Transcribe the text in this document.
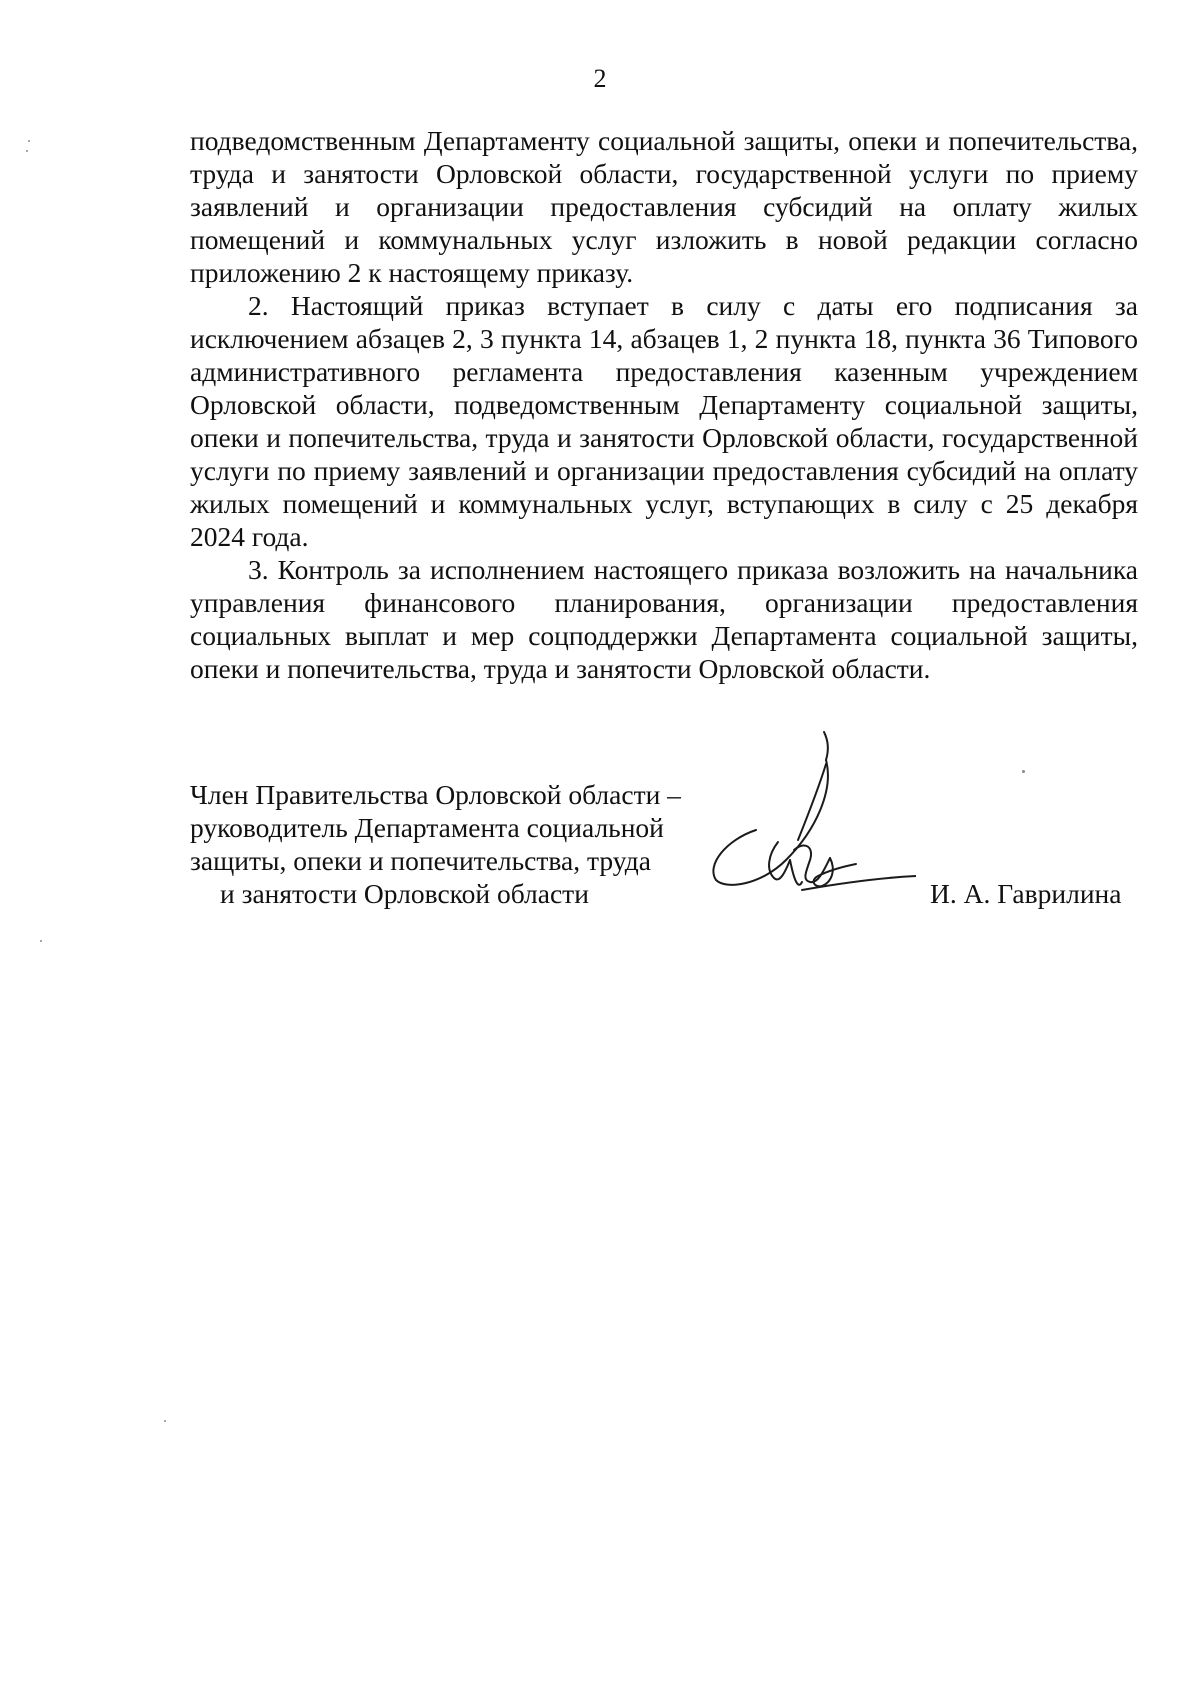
2

подведомственным Департаменту социальной защиты, опеки и попечительства, труда и занятости Орловской области, государственной услуги по приему заявлений и организации предоставления субсидий на оплату жилых помещений и коммунальных услуг изложить в новой редакции согласно приложению 2 к настоящему приказу.

2. Настоящий приказ вступает в силу с даты его подписания за исключением абзацев 2, 3 пункта 14, абзацев 1, 2 пункта 18, пункта 36 Типового административного регламента предоставления казенным учреждением Орловской области, подведомственным Департаменту социальной защиты, опеки и попечительства, труда и занятости Орловской области, государственной услуги по приему заявлений и организации предоставления субсидий на оплату жилых помещений и коммунальных услуг, вступающих в силу с 25 декабря 2024 года.

3. Контроль за исполнением настоящего приказа возложить на начальника управления финансового планирования, организации предоставления социальных выплат и мер соцподдержки Департамента социальной защиты, опеки и попечительства, труда и занятости Орловской области.

Член Правительства Орловской области –
руководитель Департамента социальной
защиты, опеки и попечительства, труда
и занятости Орловской области	И. А. Гаврилина
